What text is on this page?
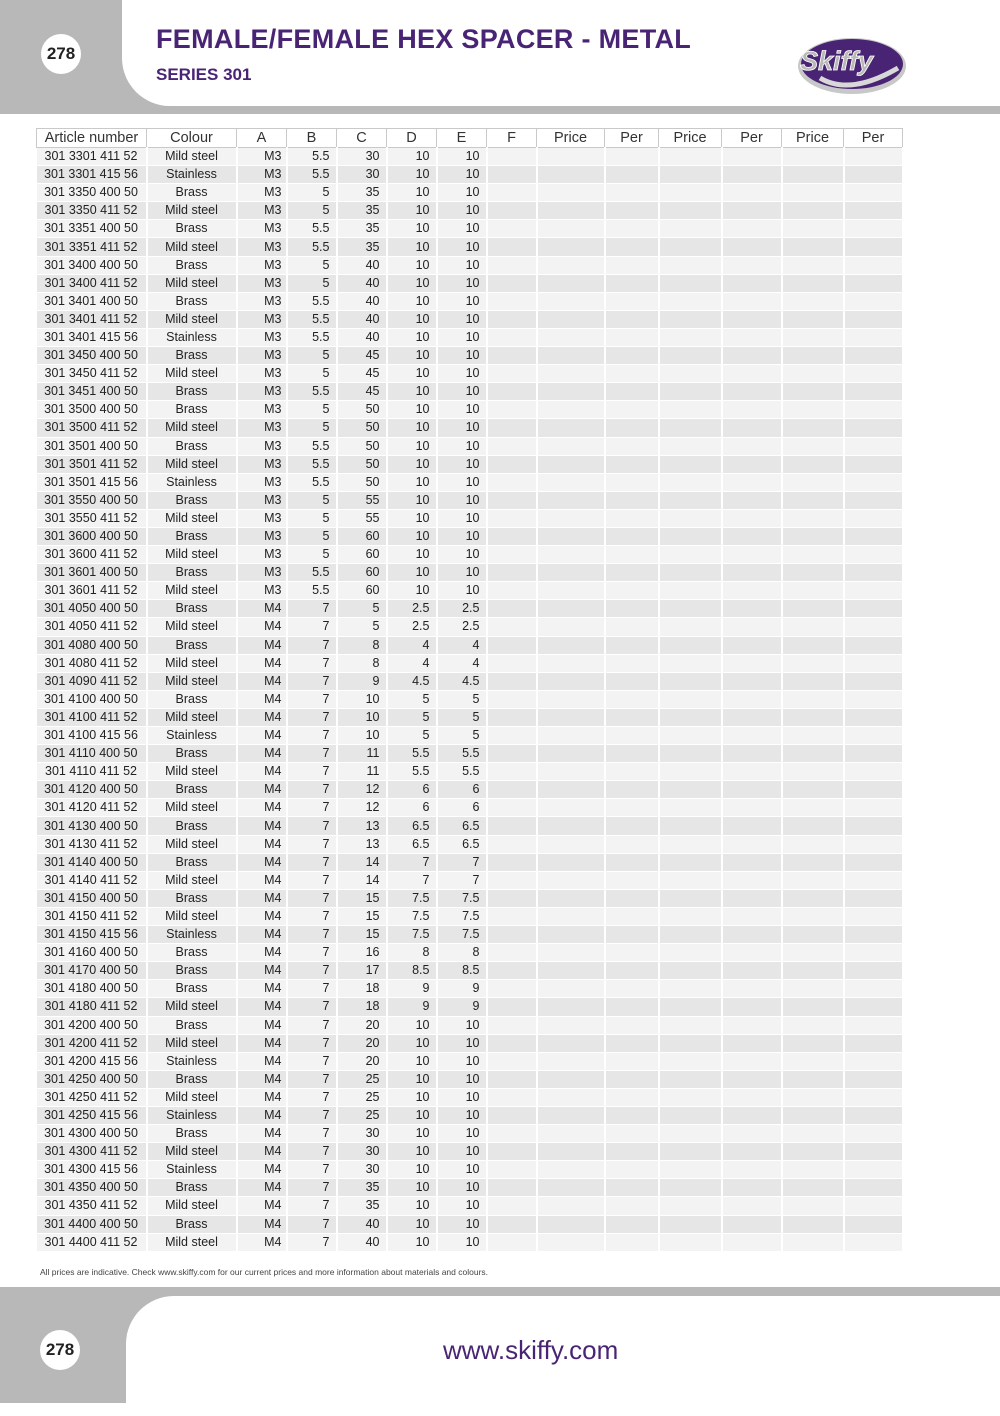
278	FEMALE/FEMALE HEX SPACER - METAL
SERIES 301	Skiffy
Article number	Colour	A	B	C	D	E	F	Price	Per	Price	Per	Price	Per
301 3301 411 52	Mild steel	M3	5.5	30	10	10							
301 3301 415 56	Stainless	M3	5.5	30	10	10							
301 3350 400 50	Brass	M3	5	35	10	10							
301 3350 411 52	Mild steel	M3	5	35	10	10							
301 3351 400 50	Brass	M3	5.5	35	10	10							
301 3351 411 52	Mild steel	M3	5.5	35	10	10							
301 3400 400 50	Brass	M3	5	40	10	10							
301 3400 411 52	Mild steel	M3	5	40	10	10							
301 3401 400 50	Brass	M3	5.5	40	10	10							
301 3401 411 52	Mild steel	M3	5.5	40	10	10							
301 3401 415 56	Stainless	M3	5.5	40	10	10							
301 3450 400 50	Brass	M3	5	45	10	10							
301 3450 411 52	Mild steel	M3	5	45	10	10							
301 3451 400 50	Brass	M3	5.5	45	10	10							
301 3500 400 50	Brass	M3	5	50	10	10							
301 3500 411 52	Mild steel	M3	5	50	10	10							
301 3501 400 50	Brass	M3	5.5	50	10	10							
301 3501 411 52	Mild steel	M3	5.5	50	10	10							
301 3501 415 56	Stainless	M3	5.5	50	10	10							
301 3550 400 50	Brass	M3	5	55	10	10							
301 3550 411 52	Mild steel	M3	5	55	10	10							
301 3600 400 50	Brass	M3	5	60	10	10							
301 3600 411 52	Mild steel	M3	5	60	10	10							
301 3601 400 50	Brass	M3	5.5	60	10	10							
301 3601 411 52	Mild steel	M3	5.5	60	10	10							
301 4050 400 50	Brass	M4	7	5	2.5	2.5							
301 4050 411 52	Mild steel	M4	7	5	2.5	2.5							
301 4080 400 50	Brass	M4	7	8	4	4							
301 4080 411 52	Mild steel	M4	7	8	4	4							
301 4090 411 52	Mild steel	M4	7	9	4.5	4.5							
301 4100 400 50	Brass	M4	7	10	5	5							
301 4100 411 52	Mild steel	M4	7	10	5	5							
301 4100 415 56	Stainless	M4	7	10	5	5							
301 4110 400 50	Brass	M4	7	11	5.5	5.5							
301 4110 411 52	Mild steel	M4	7	11	5.5	5.5							
301 4120 400 50	Brass	M4	7	12	6	6							
301 4120 411 52	Mild steel	M4	7	12	6	6							
301 4130 400 50	Brass	M4	7	13	6.5	6.5							
301 4130 411 52	Mild steel	M4	7	13	6.5	6.5							
301 4140 400 50	Brass	M4	7	14	7	7							
301 4140 411 52	Mild steel	M4	7	14	7	7							
301 4150 400 50	Brass	M4	7	15	7.5	7.5							
301 4150 411 52	Mild steel	M4	7	15	7.5	7.5							
301 4150 415 56	Stainless	M4	7	15	7.5	7.5							
301 4160 400 50	Brass	M4	7	16	8	8							
301 4170 400 50	Brass	M4	7	17	8.5	8.5							
301 4180 400 50	Brass	M4	7	18	9	9							
301 4180 411 52	Mild steel	M4	7	18	9	9							
301 4200 400 50	Brass	M4	7	20	10	10							
301 4200 411 52	Mild steel	M4	7	20	10	10							
301 4200 415 56	Stainless	M4	7	20	10	10							
301 4250 400 50	Brass	M4	7	25	10	10							
301 4250 411 52	Mild steel	M4	7	25	10	10							
301 4250 415 56	Stainless	M4	7	25	10	10							
301 4300 400 50	Brass	M4	7	30	10	10							
301 4300 411 52	Mild steel	M4	7	30	10	10							
301 4300 415 56	Stainless	M4	7	30	10	10							
301 4350 400 50	Brass	M4	7	35	10	10							
301 4350 411 52	Mild steel	M4	7	35	10	10							
301 4400 400 50	Brass	M4	7	40	10	10							
301 4400 411 52	Mild steel	M4	7	40	10	10							
All prices are indicative. Check www.skiffy.com for our current prices and more information about materials and colours.
278	www.skiffy.com
